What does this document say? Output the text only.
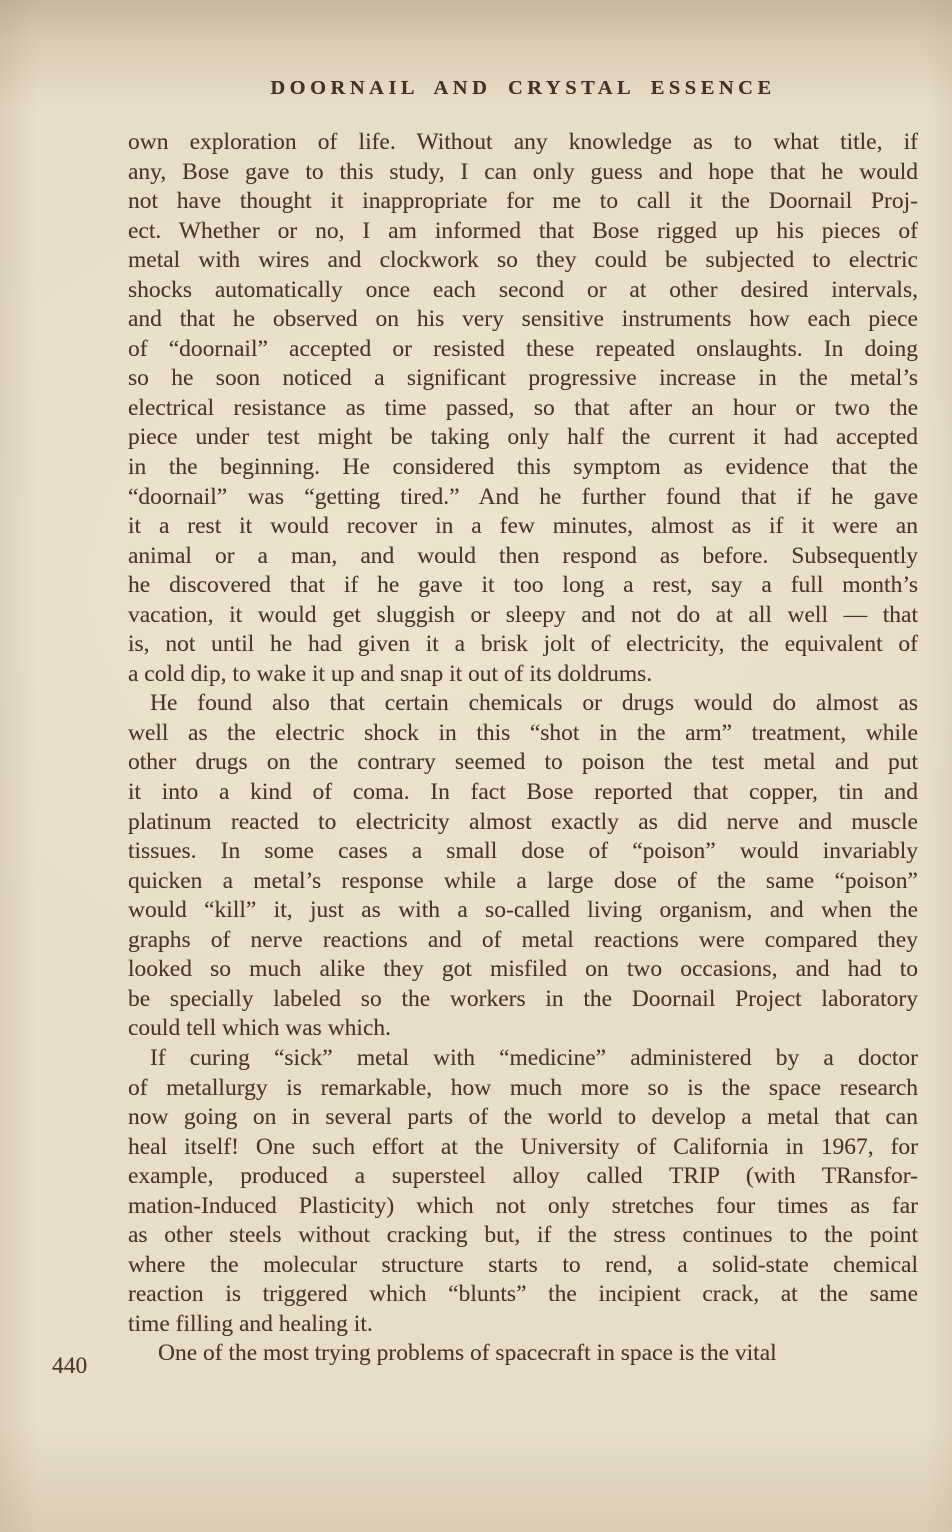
DOORNAIL AND CRYSTAL ESSENCE
own exploration of life. Without any knowledge as to what title, if
any, Bose gave to this study, I can only guess and hope that he would
not have thought it inappropriate for me to call it the Doornail Proj-
ect. Whether or no, I am informed that Bose rigged up his pieces of
metal with wires and clockwork so they could be subjected to electric
shocks automatically once each second or at other desired intervals,
and that he observed on his very sensitive instruments how each piece
of “doornail” accepted or resisted these repeated onslaughts. In doing
so he soon noticed a significant progressive increase in the metal’s
electrical resistance as time passed, so that after an hour or two the
piece under test might be taking only half the current it had accepted
in the beginning. He considered this symptom as evidence that the
“doornail” was “getting tired.” And he further found that if he gave
it a rest it would recover in a few minutes, almost as if it were an
animal or a man, and would then respond as before. Subsequently
he discovered that if he gave it too long a rest, say a full month’s
vacation, it would get sluggish or sleepy and not do at all well — that
is, not until he had given it a brisk jolt of electricity, the equivalent of
a cold dip, to wake it up and snap it out of its doldrums.
He found also that certain chemicals or drugs would do almost as
well as the electric shock in this “shot in the arm” treatment, while
other drugs on the contrary seemed to poison the test metal and put
it into a kind of coma. In fact Bose reported that copper, tin and
platinum reacted to electricity almost exactly as did nerve and muscle
tissues. In some cases a small dose of “poison” would invariably
quicken a metal’s response while a large dose of the same “poison”
would “kill” it, just as with a so-called living organism, and when the
graphs of nerve reactions and of metal reactions were compared they
looked so much alike they got misfiled on two occasions, and had to
be specially labeled so the workers in the Doornail Project laboratory
could tell which was which.
If curing “sick” metal with “medicine” administered by a doctor
of metallurgy is remarkable, how much more so is the space research
now going on in several parts of the world to develop a metal that can
heal itself! One such effort at the University of California in 1967, for
example, produced a supersteel alloy called TRIP (with TRansfor-
mation-Induced Plasticity) which not only stretches four times as far
as other steels without cracking but, if the stress continues to the point
where the molecular structure starts to rend, a solid-state chemical
reaction is triggered which “blunts” the incipient crack, at the same
time filling and healing it.
One of the most trying problems of spacecraft in space is the vital
440
